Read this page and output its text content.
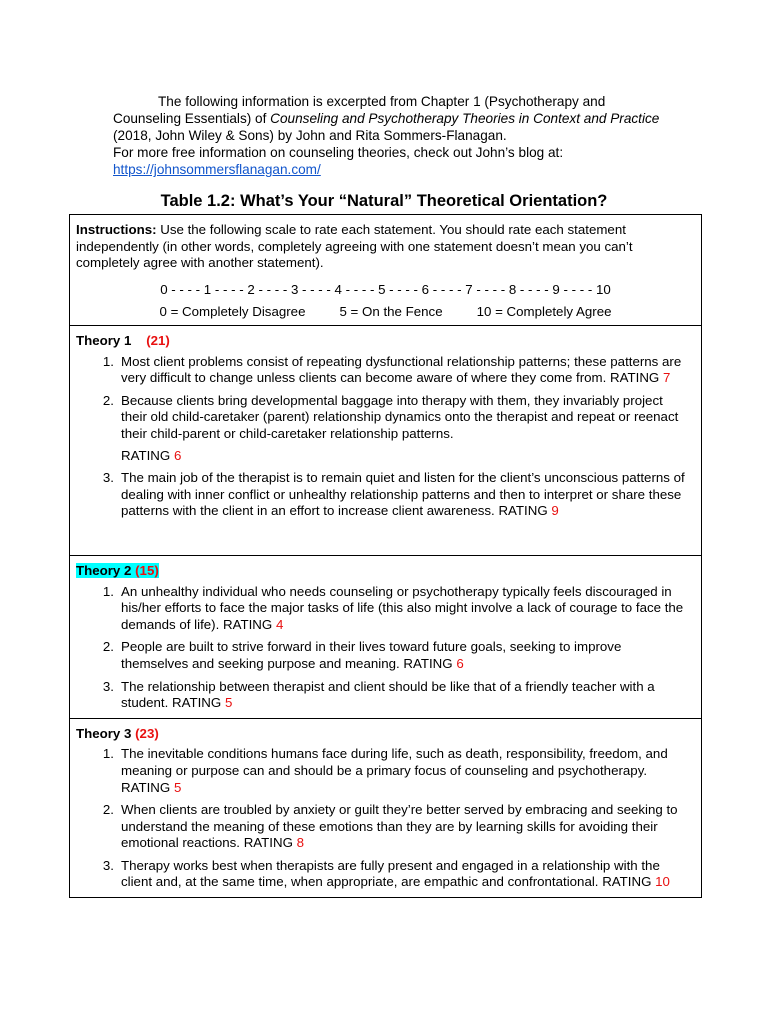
The following information is excerpted from Chapter 1 (Psychotherapy and Counseling Essentials) of Counseling and Psychotherapy Theories in Context and Practice (2018, John Wiley & Sons) by John and Rita Sommers-Flanagan.

For more free information on counseling theories, check out John’s blog at:

https://johnsommersflanagan.com/

Table 1.2: What’s Your “Natural” Theoretical Orientation?

Instructions: Use the following scale to rate each statement. You should rate each statement independently (in other words, completely agreeing with one statement doesn’t mean you can’t completely agree with another statement).

0 - - - - 1 - - - - 2 - - - - 3 - - - - 4 - - - - 5 - - - - 6 - - - - 7 - - - - 8 - - - - 9 - - - - 10
0 = Completely Disagree	5 = On the Fence	10 = Completely Agree

Theory 1 (21)
1. Most client problems consist of repeating dysfunctional relationship patterns; these patterns are very difficult to change unless clients can become aware of where they come from. RATING 7
2. Because clients bring developmental baggage into therapy with them, they invariably project their old child-caretaker (parent) relationship dynamics onto the therapist and repeat or reenact their child-parent or child-caretaker relationship patterns.
RATING 6
3. The main job of the therapist is to remain quiet and listen for the client’s unconscious patterns of dealing with inner conflict or unhealthy relationship patterns and then to interpret or share these patterns with the client in an effort to increase client awareness. RATING 9

Theory 2 (15)
1. An unhealthy individual who needs counseling or psychotherapy typically feels discouraged in his/her efforts to face the major tasks of life (this also might involve a lack of courage to face the demands of life). RATING 4
2. People are built to strive forward in their lives toward future goals, seeking to improve themselves and seeking purpose and meaning. RATING 6
3. The relationship between therapist and client should be like that of a friendly teacher with a student. RATING 5

Theory 3 (23)
1. The inevitable conditions humans face during life, such as death, responsibility, freedom, and meaning or purpose can and should be a primary focus of counseling and psychotherapy. RATING 5
2. When clients are troubled by anxiety or guilt they’re better served by embracing and seeking to understand the meaning of these emotions than they are by learning skills for avoiding their emotional reactions. RATING 8
3. Therapy works best when therapists are fully present and engaged in a relationship with the client and, at the same time, when appropriate, are empathic and confrontational. RATING 10
